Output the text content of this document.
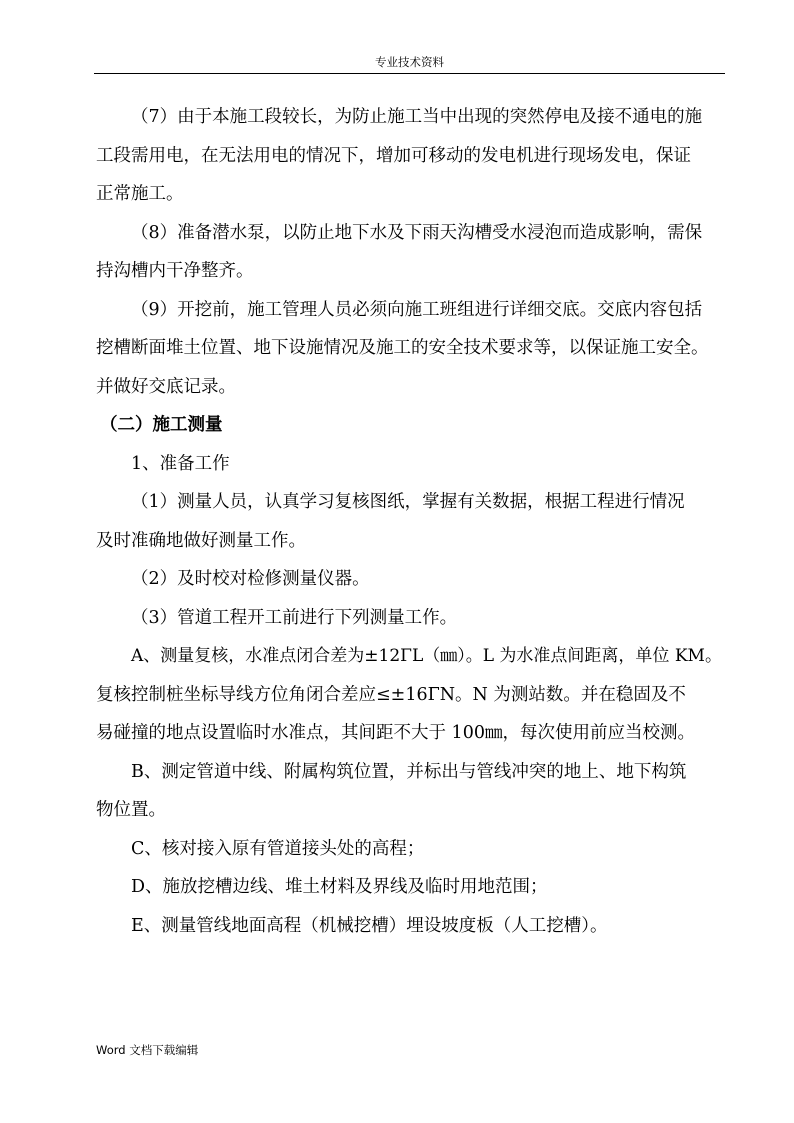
专业技术资料
（7）由于本施工段较长，为防止施工当中出现的突然停电及接不通电的施
工段需用电，在无法用电的情况下，增加可移动的发电机进行现场发电，保证
正常施工。
（8）准备潜水泵，以防止地下水及下雨天沟槽受水浸泡而造成影响，需保
持沟槽内干净整齐。
（9）开挖前，施工管理人员必须向施工班组进行详细交底。交底内容包括
挖槽断面堆土位置、地下设施情况及施工的安全技术要求等，以保证施工安全。
并做好交底记录。
（二）施工测量
1、准备工作
（1）测量人员，认真学习复核图纸，掌握有关数据，根据工程进行情况
及时准确地做好测量工作。
（2）及时校对检修测量仪器。
（3）管道工程开工前进行下列测量工作。
A、测量复核，水准点闭合差为±12ΓL（㎜）。L 为水准点间距离，单位 KM。
复核控制桩坐标导线方位角闭合差应≤±16ΓN。N 为测站数。并在稳固及不
易碰撞的地点设置临时水准点，其间距不大于 100㎜，每次使用前应当校测。
B、测定管道中线、附属构筑位置，并标出与管线冲突的地上、地下构筑
物位置。
C、核对接入原有管道接头处的高程；
D、施放挖槽边线、堆土材料及界线及临时用地范围；
E、测量管线地面高程（机械挖槽）埋设坡度板（人工挖槽）。
Word 文档下载编辑
